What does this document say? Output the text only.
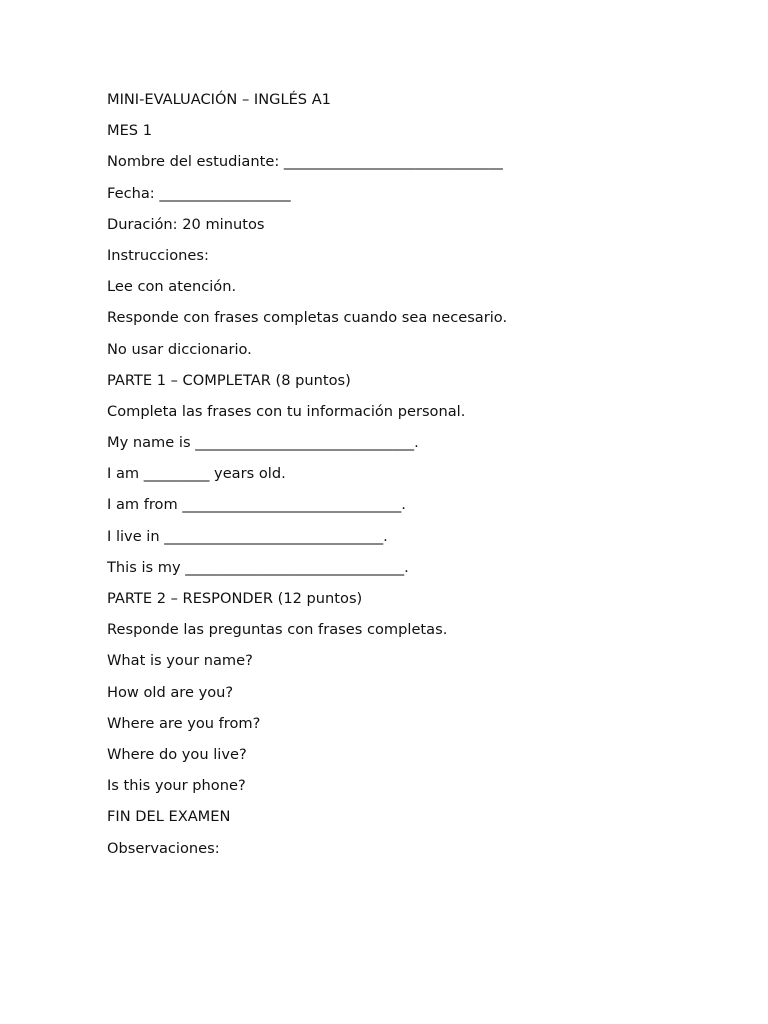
MINI-EVALUACIÓN – INGLÉS A1
MES 1
Nombre del estudiante: ______________________________
Fecha: __________________
Duración: 20 minutos
Instrucciones:
Lee con atención.
Responde con frases completas cuando sea necesario.
No usar diccionario.
PARTE 1 – COMPLETAR (8 puntos)
Completa las frases con tu información personal.
My name is ______________________________.
I am _________ years old.
I am from ______________________________.
I live in ______________________________.
This is my ______________________________.
PARTE 2 – RESPONDER (12 puntos)
Responde las preguntas con frases completas.
What is your name?
How old are you?
Where are you from?
Where do you live?
Is this your phone?
FIN DEL EXAMEN
Observaciones:
